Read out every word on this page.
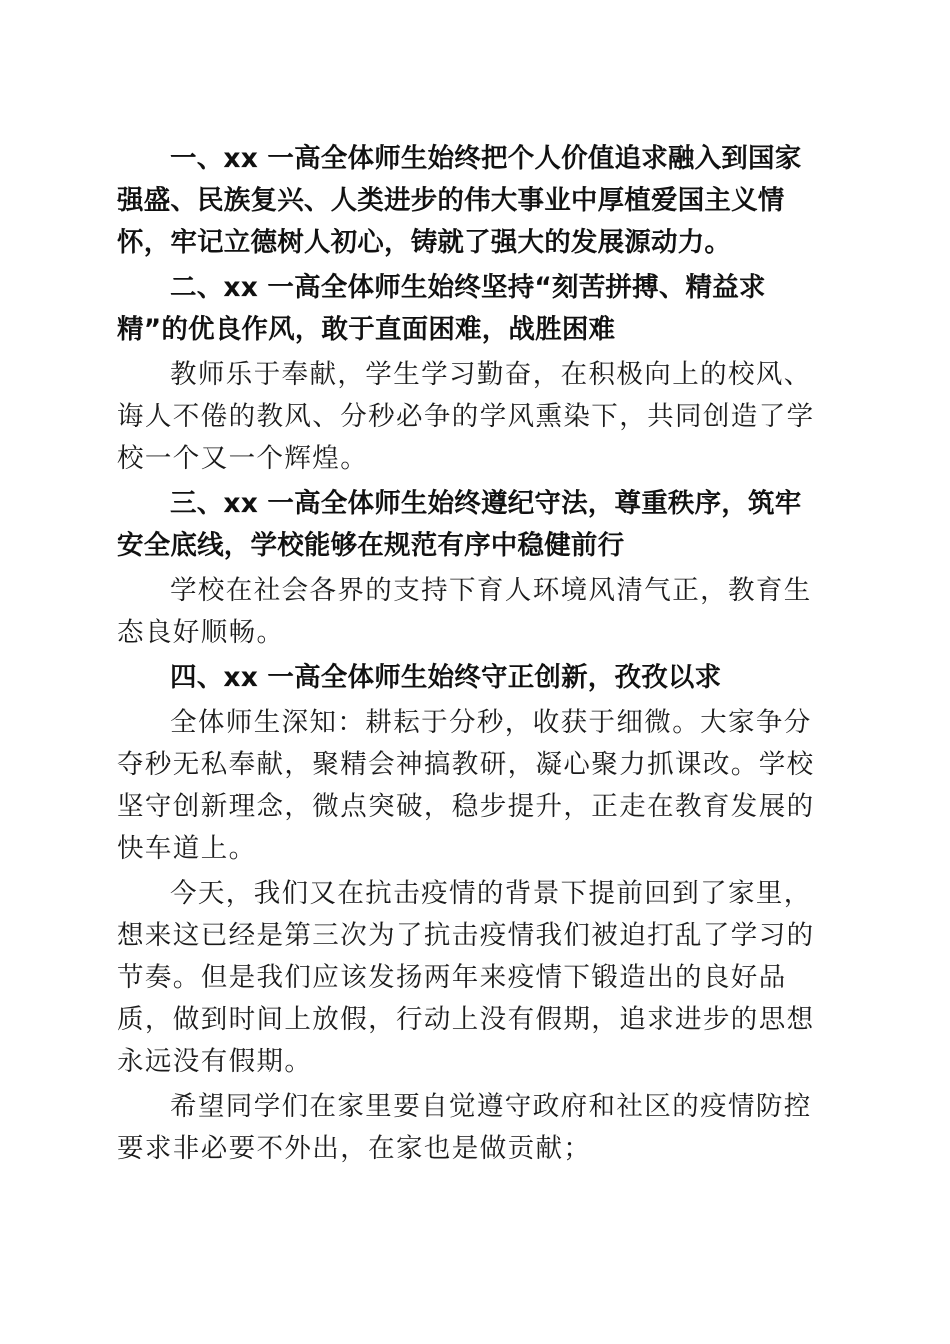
一、xx 一高全体师生始终把个人价值追求融入到国家强盛、民族复兴、人类进步的伟大事业中厚植爱国主义情怀，牢记立德树人初心，铸就了强大的发展源动力。

二、xx 一高全体师生始终坚持“刻苦拼搏、精益求精”的优良作风，敢于直面困难，战胜困难

教师乐于奉献，学生学习勤奋，在积极向上的校风、诲人不倦的教风、分秒必争的学风熏染下，共同创造了学校一个又一个辉煌。

三、xx 一高全体师生始终遵纪守法，尊重秩序，筑牢安全底线，学校能够在规范有序中稳健前行

学校在社会各界的支持下育人环境风清气正，教育生态良好顺畅。

四、xx 一高全体师生始终守正创新，孜孜以求

全体师生深知：耕耘于分秒，收获于细微。大家争分夺秒无私奉献，聚精会神搞教研，凝心聚力抓课改。学校坚守创新理念，微点突破，稳步提升，正走在教育发展的快车道上。

今天，我们又在抗击疫情的背景下提前回到了家里，想来这已经是第三次为了抗击疫情我们被迫打乱了学习的节奏。但是我们应该发扬两年来疫情下锻造出的良好品质，做到时间上放假，行动上没有假期，追求进步的思想永远没有假期。

希望同学们在家里要自觉遵守政府和社区的疫情防控要求非必要不外出，在家也是做贡献；
